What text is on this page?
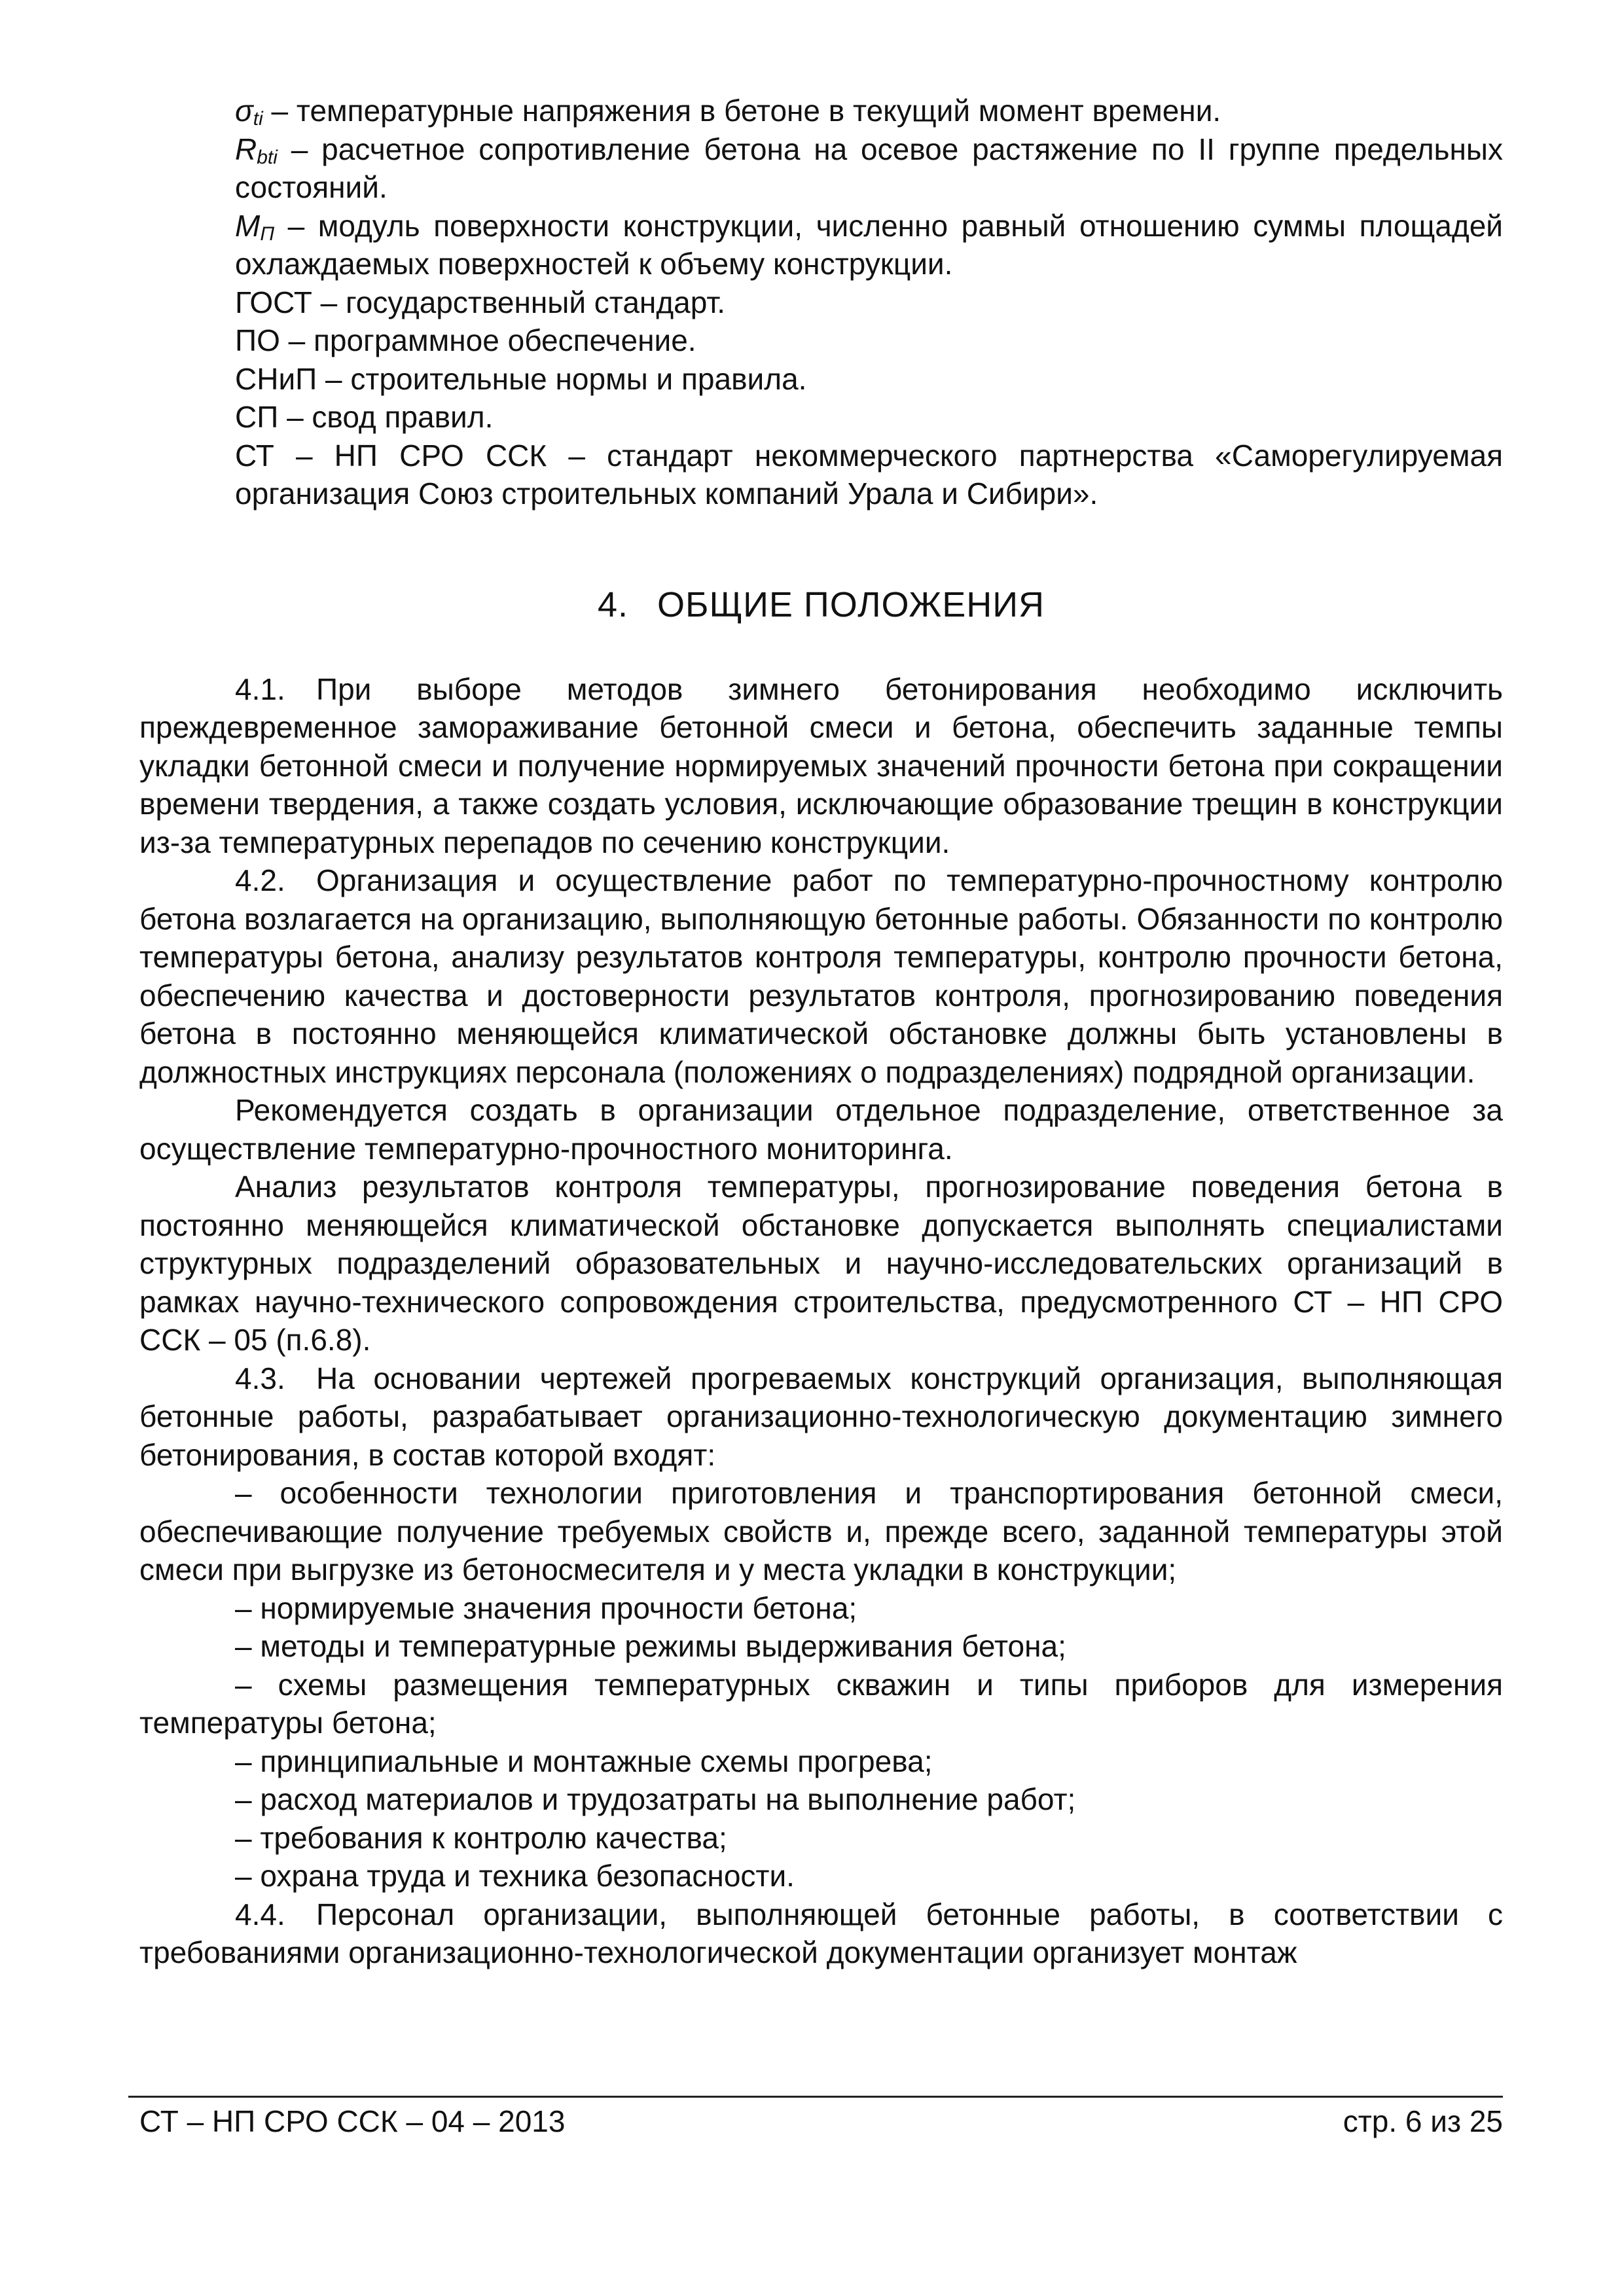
$\sigma_{ti}$ – температурные напряжения в бетоне в текущий момент времени.

$R_{bti}$ – расчетное сопротивление бетона на осевое растяжение по II группе предельных состояний.

$M_П$ – модуль поверхности конструкции, численно равный отношению суммы площадей охлаждаемых поверхностей к объему конструкции.

ГОСТ – государственный стандарт.

ПО – программное обеспечение.

СНиП – строительные нормы и правила.

СП – свод правил.

СТ – НП СРО ССК – стандарт некоммерческого партнерства «Саморегулируемая организация Союз строительных компаний Урала и Сибири».

4. ОБЩИЕ ПОЛОЖЕНИЯ

4.1. При выборе методов зимнего бетонирования необходимо исключить преждевременное замораживание бетонной смеси и бетона, обеспечить заданные темпы укладки бетонной смеси и получение нормируемых значений прочности бетона при сокращении времени твердения, а также создать условия, исключающие образование трещин в конструкции из-за температурных перепадов по сечению конструкции.

4.2. Организация и осуществление работ по температурно-прочностному контролю бетона возлагается на организацию, выполняющую бетонные работы. Обязанности по контролю температуры бетона, анализу результатов контроля температуры, контролю прочности бетона, обеспечению качества и достоверности результатов контроля, прогнозированию поведения бетона в постоянно меняющейся климатической обстановке должны быть установлены в должностных инструкциях персонала (положениях о подразделениях) подрядной организации.

Рекомендуется создать в организации отдельное подразделение, ответственное за осуществление температурно-прочностного мониторинга.

Анализ результатов контроля температуры, прогнозирование поведения бетона в постоянно меняющейся климатической обстановке допускается выполнять специалистами структурных подразделений образовательных и научно-исследовательских организаций в рамках научно-технического сопровождения строительства, предусмотренного СТ – НП СРО ССК – 05 (п.6.8).

4.3. На основании чертежей прогреваемых конструкций организация, выполняющая бетонные работы, разрабатывает организационно-технологическую документацию зимнего бетонирования, в состав которой входят:

– особенности технологии приготовления и транспортирования бетонной смеси, обеспечивающие получение требуемых свойств и, прежде всего, заданной температуры этой смеси при выгрузке из бетоносмесителя и у места укладки в конструкции;

– нормируемые значения прочности бетона;

– методы и температурные режимы выдерживания бетона;

– схемы размещения температурных скважин и типы приборов для измерения температуры бетона;

– принципиальные и монтажные схемы прогрева;

– расход материалов и трудозатраты на выполнение работ;

– требования к контролю качества;

– охрана труда и техника безопасности.

4.4. Персонал организации, выполняющей бетонные работы, в соответствии с требованиями организационно-технологической документации организует монтаж

СТ – НП СРО ССК – 04 – 2013	стр. 6 из 25
